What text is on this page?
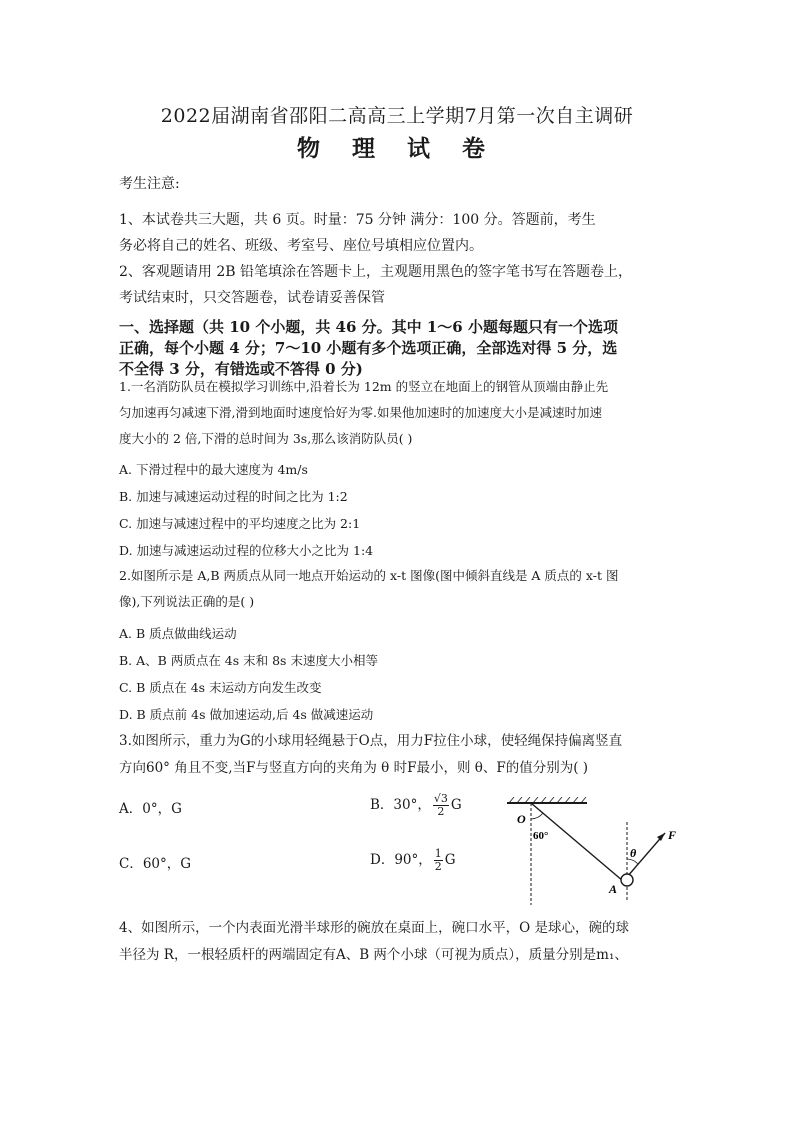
2022届湖南省邵阳二高高三上学期7月第一次自主调研
物 理 试 卷
考生注意:
1、本试卷共三大题，共 6 页。时量：75 分钟 满分：100 分。答题前，考生
务必将自己的姓名、班级、考室号、座位号填相应位置内。
2、客观题请用 2B 铅笔填涂在答题卡上，主观题用黑色的签字笔书写在答题卷上，
考试结束时，只交答题卷，试卷请妥善保管
一、选择题（共 10 个小题，共 46 分。其中 1～6 小题每题只有一个选项
正确，每个小题 4 分；7～10 小题有多个选项正确，全部选对得 5 分，选
不全得 3 分，有错选或不答得 0 分)
1.一名消防队员在模拟学习训练中,沿着长为 12m 的竖立在地面上的钢管从顶端由静止先
匀加速再匀减速下滑,滑到地面时速度恰好为零.如果他加速时的加速度大小是减速时加速
度大小的 2 倍,下滑的总时间为 3s,那么该消防队员( )
A. 下滑过程中的最大速度为 4m/s
B. 加速与减速运动过程的时间之比为 1:2
C. 加速与减速过程中的平均速度之比为 2:1
D. 加速与减速运动过程的位移大小之比为 1:4
2.如图所示是 A,B 两质点从同一地点开始运动的 x-t 图像(图中倾斜直线是 A 质点的 x-t 图
像),下列说法正确的是( )
A. B 质点做曲线运动
B. A、B 两质点在 4s 末和 8s 末速度大小相等
C. B 质点在 4s 末运动方向发生改变
D. B 质点前 4s 做加速运动,后 4s 做减速运动
3.如图所示，重力为G的小球用轻绳悬于O点，用力F拉住小球，使轻绳保持偏离竖直
方向60° 角且不变,当F与竖直方向的夹角为 θ 时F最小，则 θ、F的值分别为( )
A．0°，G	B．30°， $\frac{√3}{2}$ G
C．60°，G	D．90°， $\frac{1}{2}$ G
O
60°
θ
F
A
4、如图所示，一个内表面光滑半球形的碗放在桌面上，碗口水平，O 是球心，碗的球
半径为 R，一根轻质杆的两端固定有A、B 两个小球（可视为质点），质量分别是m₁、
